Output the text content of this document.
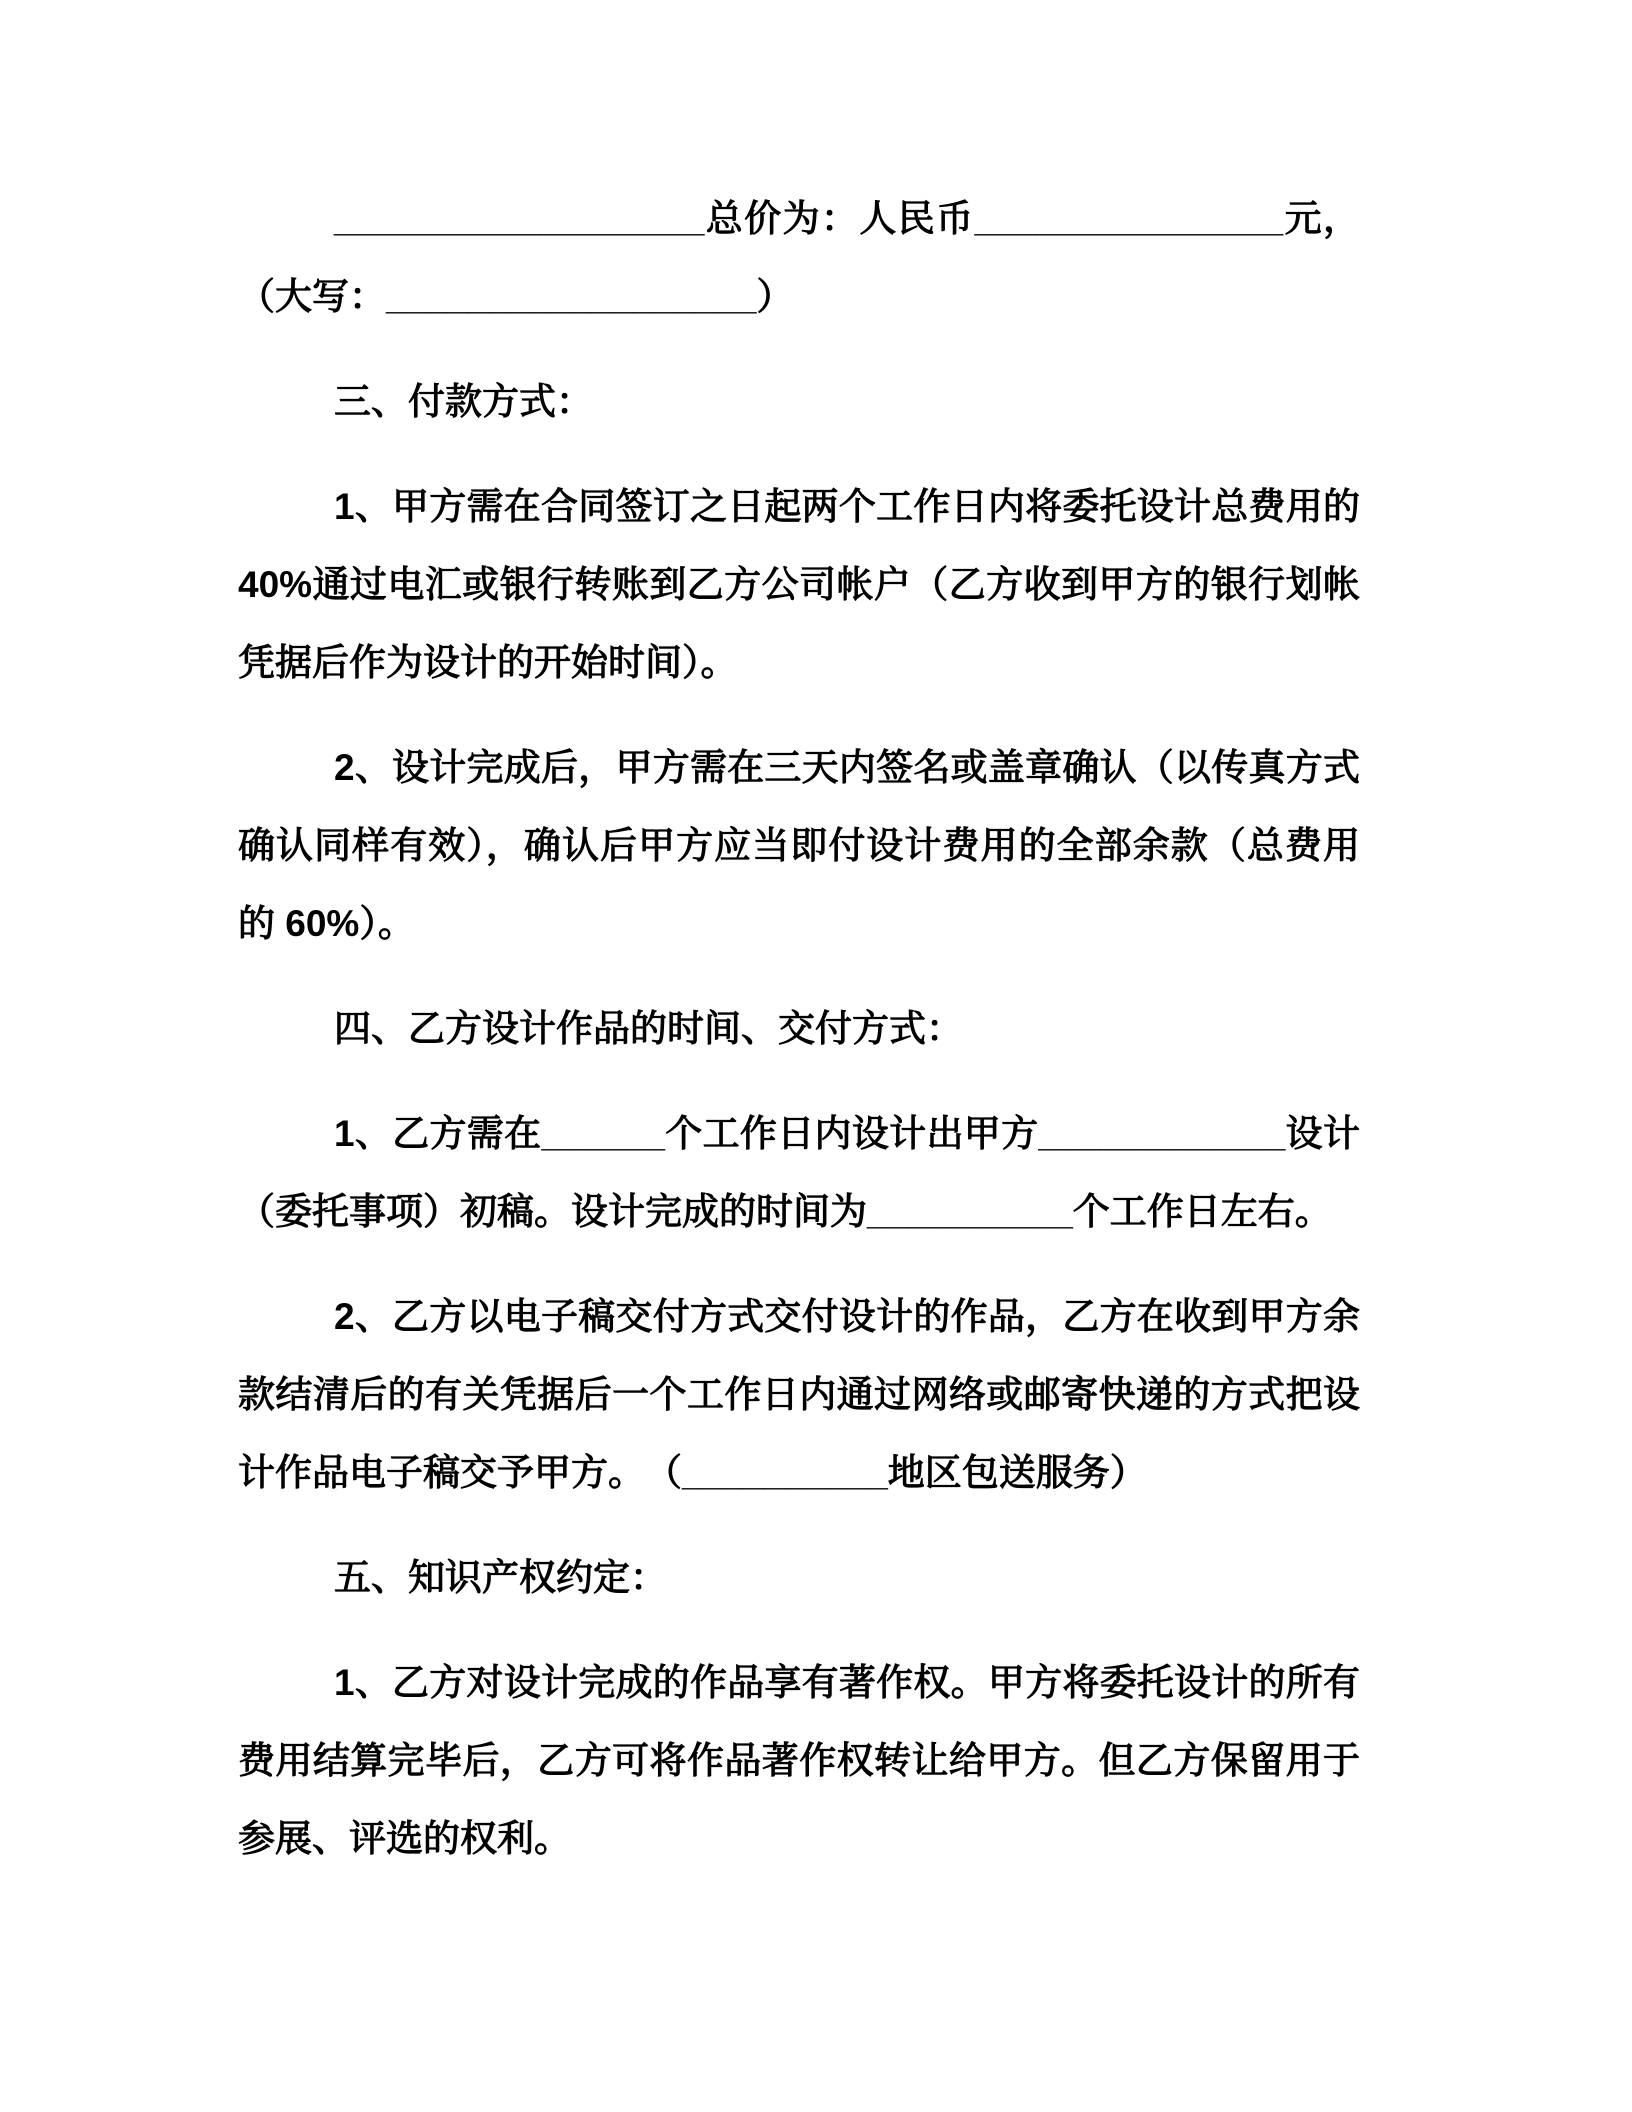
__________________总价为：人民币_______________元，（大写：__________________）

三、付款方式：

1、甲方需在合同签订之日起两个工作日内将委托设计总费用的40%通过电汇或银行转账到乙方公司帐户（乙方收到甲方的银行划帐凭据后作为设计的开始时间）。

2、设计完成后，甲方需在三天内签名或盖章确认（以传真方式确认同样有效），确认后甲方应当即付设计费用的全部余款（总费用的 60%）。

四、乙方设计作品的时间、交付方式：

1、乙方需在______个工作日内设计出甲方____________设计（委托事项）初稿。设计完成的时间为__________个工作日左右。

2、乙方以电子稿交付方式交付设计的作品，乙方在收到甲方余款结清后的有关凭据后一个工作日内通过网络或邮寄快递的方式把设计作品电子稿交予甲方。　（__________地区包送服务）

五、知识产权约定：

1、乙方对设计完成的作品享有著作权。甲方将委托设计的所有费用结算完毕后，乙方可将作品著作权转让给甲方。但乙方保留用于参展、评选的权利。
